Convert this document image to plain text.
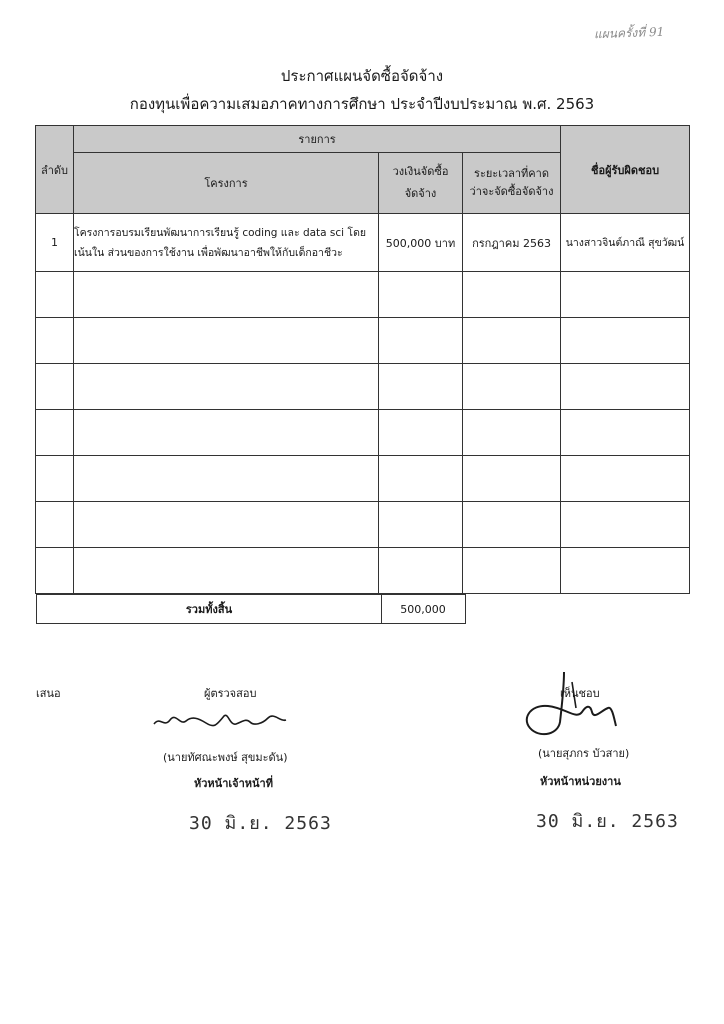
แผนครั้งที่ 91
ประกาศแผนจัดซื้อจัดจ้าง
กองทุนเพื่อความเสมอภาคทางการศึกษา ประจำปีงบประมาณ พ.ศ. 2563
ลำดับ	รายการ			ชื่อผู้รับผิดชอบ
	โครงการ	วงเงินจัดซื้อจัดจ้าง	ระยะเวลาที่คาดว่าจะจัดซื้อจัดจ้าง	
1	โครงการอบรมเรียนพัฒนาการเรียนรู้ coding และ data sci โดยเน้นใน ส่วนของการใช้งาน เพื่อพัฒนาอาชีพให้กับเด็กอาชีวะ	500,000 บาท	กรกฎาคม 2563	นางสาวจินต์ภาณี สุขวัฒน์

รวมทั้งสิ้น	500,000
เสนอ	ผู้ตรวจสอบ	เห็นชอบ
(นายทัศณะพงษ์ สุขมะดัน)	(นายสุภกร บัวสาย)
หัวหน้าเจ้าหน้าที่	หัวหน้าหน่วยงาน
30 มิ.ย. 2563	30 มิ.ย. 2563
